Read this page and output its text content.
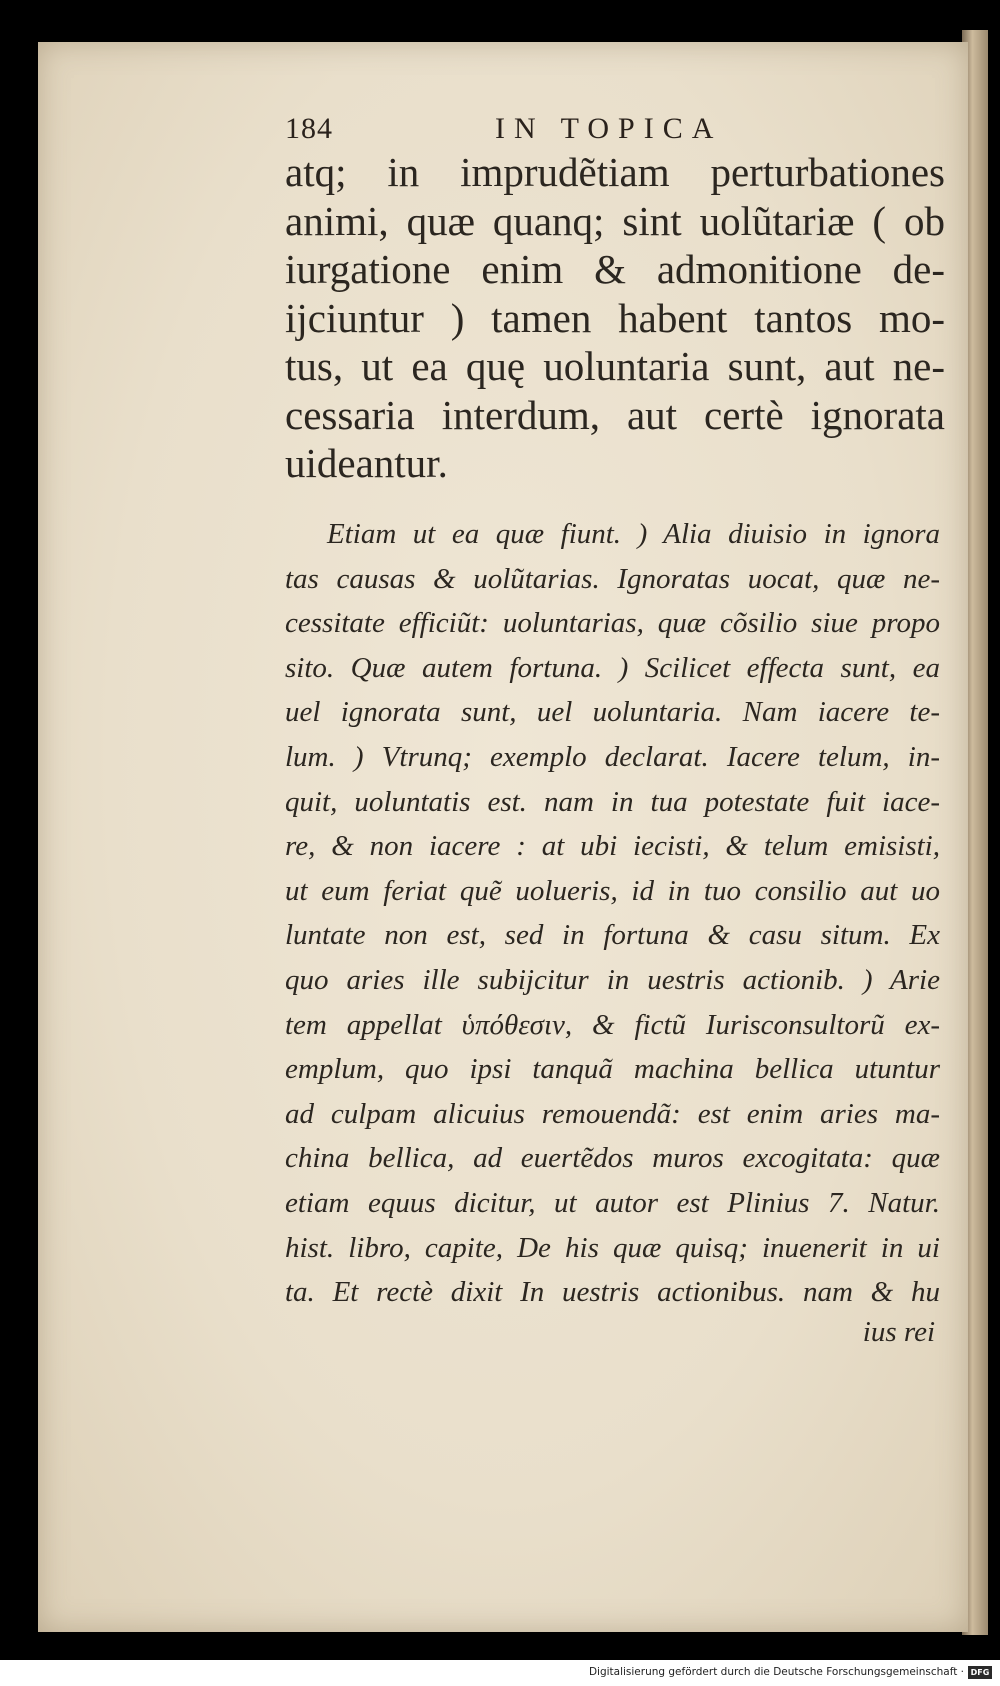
184	IN TOPICA
atq; in imprudẽtiam perturbationes
animi, quæ quanq; sint uolũtariæ ( ob
iurgatione enim & admonitione de-
ijciuntur ) tamen habent tantos mo-
tus, ut ea quę uoluntaria sunt, aut ne-
cessaria interdum, aut certè ignorata
uideantur.
Etiam ut ea quæ fiunt. ) Alia diuisio in ignora
tas causas & uolũtarias. Ignoratas uocat, quæ ne-
cessitate efficiũt: uoluntarias, quæ cõsilio siue propo
sito. Quæ autem fortuna. ) Scilicet effecta sunt, ea
uel ignorata sunt, uel uoluntaria. Nam iacere te-
lum. ) Vtrunq; exemplo declarat. Iacere telum, in-
quit, uoluntatis est. nam in tua potestate fuit iace-
re, & non iacere : at ubi iecisti, & telum emisisti,
ut eum feriat quẽ uolueris, id in tuo consilio aut uo
luntate non est, sed in fortuna & casu situm. Ex
quo aries ille subijcitur in uestris actionib. ) Arie
tem appellat ὑπόθεσιν, & fictũ Iurisconsultorũ ex-
emplum, quo ipsi tanquã machina bellica utuntur
ad culpam alicuius remouendã: est enim aries ma-
china bellica, ad euertẽdos muros excogitata: quæ
etiam equus dicitur, ut autor est Plinius 7. Natur.
hist. libro, capite, De his quæ quisq; inuenerit in ui
ta. Et rectè dixit In uestris actionibus. nam & hu
ius rei
Digitalisierung gefördert durch die Deutsche Forschungsgemeinschaft · DFG
